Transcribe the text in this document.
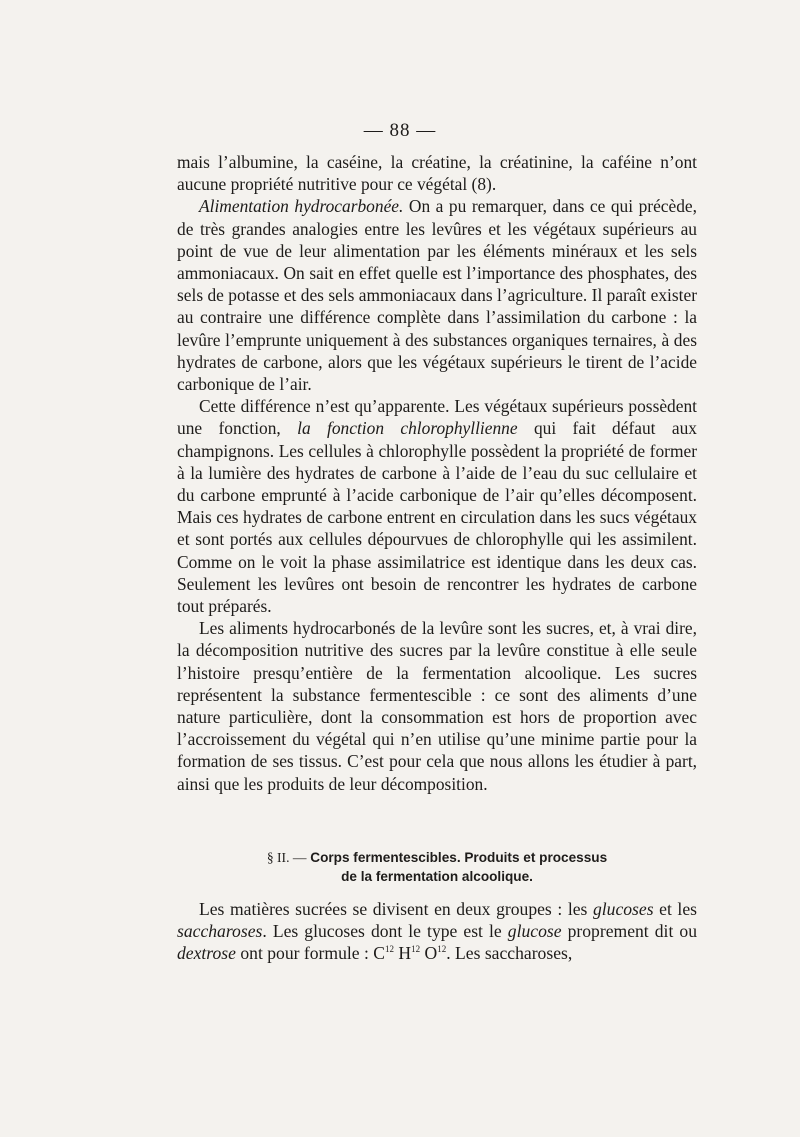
— 88 —

mais l’albumine, la caséine, la créatine, la créatinine, la caféine n’ont aucune propriété nutritive pour ce végétal (8).

Alimentation hydrocarbonée. On a pu remarquer, dans ce qui précède, de très grandes analogies entre les levûres et les végétaux supérieurs au point de vue de leur alimentation par les éléments minéraux et les sels ammoniacaux. On sait en effet quelle est l’importance des phosphates, des sels de potasse et des sels ammoniacaux dans l’agriculture. Il paraît exister au contraire une différence complète dans l’assimilation du carbone : la levûre l’emprunte uniquement à des substances organiques ternaires, à des hydrates de carbone, alors que les végétaux supérieurs le tirent de l’acide carbonique de l’air.

Cette différence n’est qu’apparente. Les végétaux supérieurs possèdent une fonction, la fonction chlorophyllienne qui fait défaut aux champignons. Les cellules à chlorophylle possèdent la propriété de former à la lumière des hydrates de carbone à l’aide de l’eau du suc cellulaire et du carbone emprunté à l’acide carbonique de l’air qu’elles décomposent. Mais ces hydrates de carbone entrent en circulation dans les sucs végétaux et sont portés aux cellules dépourvues de chlorophylle qui les assimilent. Comme on le voit la phase assimilatrice est identique dans les deux cas. Seulement les levûres ont besoin de rencontrer les hydrates de carbone tout préparés.

Les aliments hydrocarbonés de la levûre sont les sucres, et, à vrai dire, la décomposition nutritive des sucres par la levûre constitue à elle seule l’histoire presqu’entière de la fermentation alcoolique. Les sucres représentent la substance fermentescible : ce sont des aliments d’une nature particulière, dont la consommation est hors de proportion avec l’accroissement du végétal qui n’en utilise qu’une minime partie pour la formation de ses tissus. C’est pour cela que nous allons les étudier à part, ainsi que les produits de leur décomposition.

§ II. — Corps fermentescibles. Produits et processus
de la fermentation alcoolique.

Les matières sucrées se divisent en deux groupes : les glucoses et les saccharoses. Les glucoses dont le type est le glucose proprement dit ou dextrose ont pour formule : $C^{12}$ $H^{12}$ $O^{12}$. Les saccharoses,
